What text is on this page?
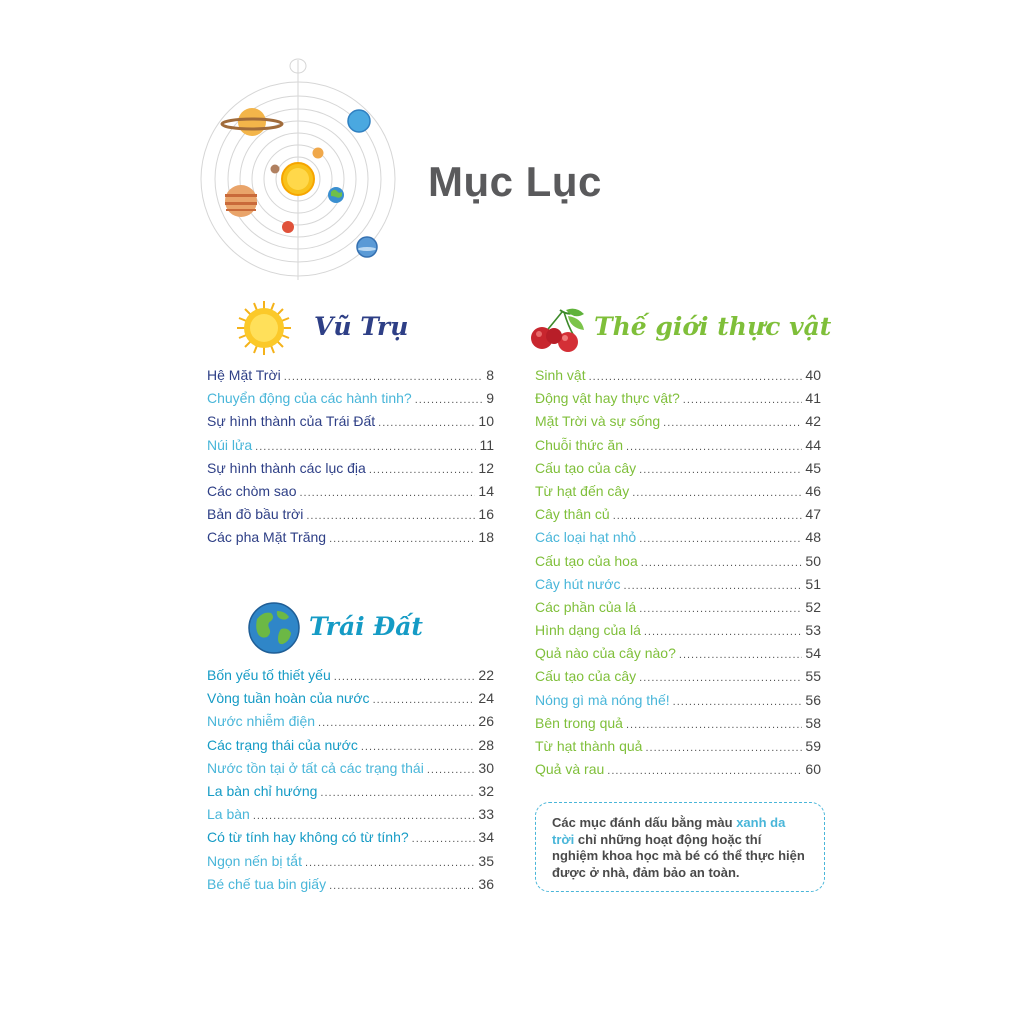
Mục Lục
Vũ Trụ
Hệ Mặt Trời .....	8
Chuyển động của các hành tinh? .....	9
Sự hình thành của Trái Đất .....	10
Núi lửa .....	11
Sự hình thành các lục địa .....	12
Các chòm sao .....	14
Bản đồ bầu trời .....	16
Các pha Mặt Trăng .....	18
Trái Đất
Bốn yếu tố thiết yếu .....	22
Vòng tuần hoàn của nước .....	24
Nước nhiễm điện .....	26
Các trạng thái của nước .....	28
Nước tồn tại ở tất cả các trạng thái .....	30
La bàn chỉ hướng .....	32
La bàn .....	33
Có từ tính hay không có từ tính? .....	34
Ngọn nến bị tắt .....	35
Bé chế tua bin giấy .....	36
Thế giới thực vật
Sinh vật .....	40
Động vật hay thực vật? .....	41
Mặt Trời và sự sống .....	42
Chuỗi thức ăn .....	44
Cấu tạo của cây .....	45
Từ hạt đến cây .....	46
Cây thân củ .....	47
Các loại hạt nhỏ .....	48
Cấu tạo của hoa .....	50
Cây hút nước .....	51
Các phần của lá .....	52
Hình dạng của lá .....	53
Quả nào của cây nào? .....	54
Cấu tạo của cây .....	55
Nóng gì mà nóng thế! .....	56
Bên trong quả .....	58
Từ hạt thành quả .....	59
Quả và rau .....	60
Các mục đánh dấu bằng màu xanh da trời chỉ những hoạt động hoặc thí nghiệm khoa học mà bé có thể thực hiện được ở nhà, đảm bảo an toàn.
